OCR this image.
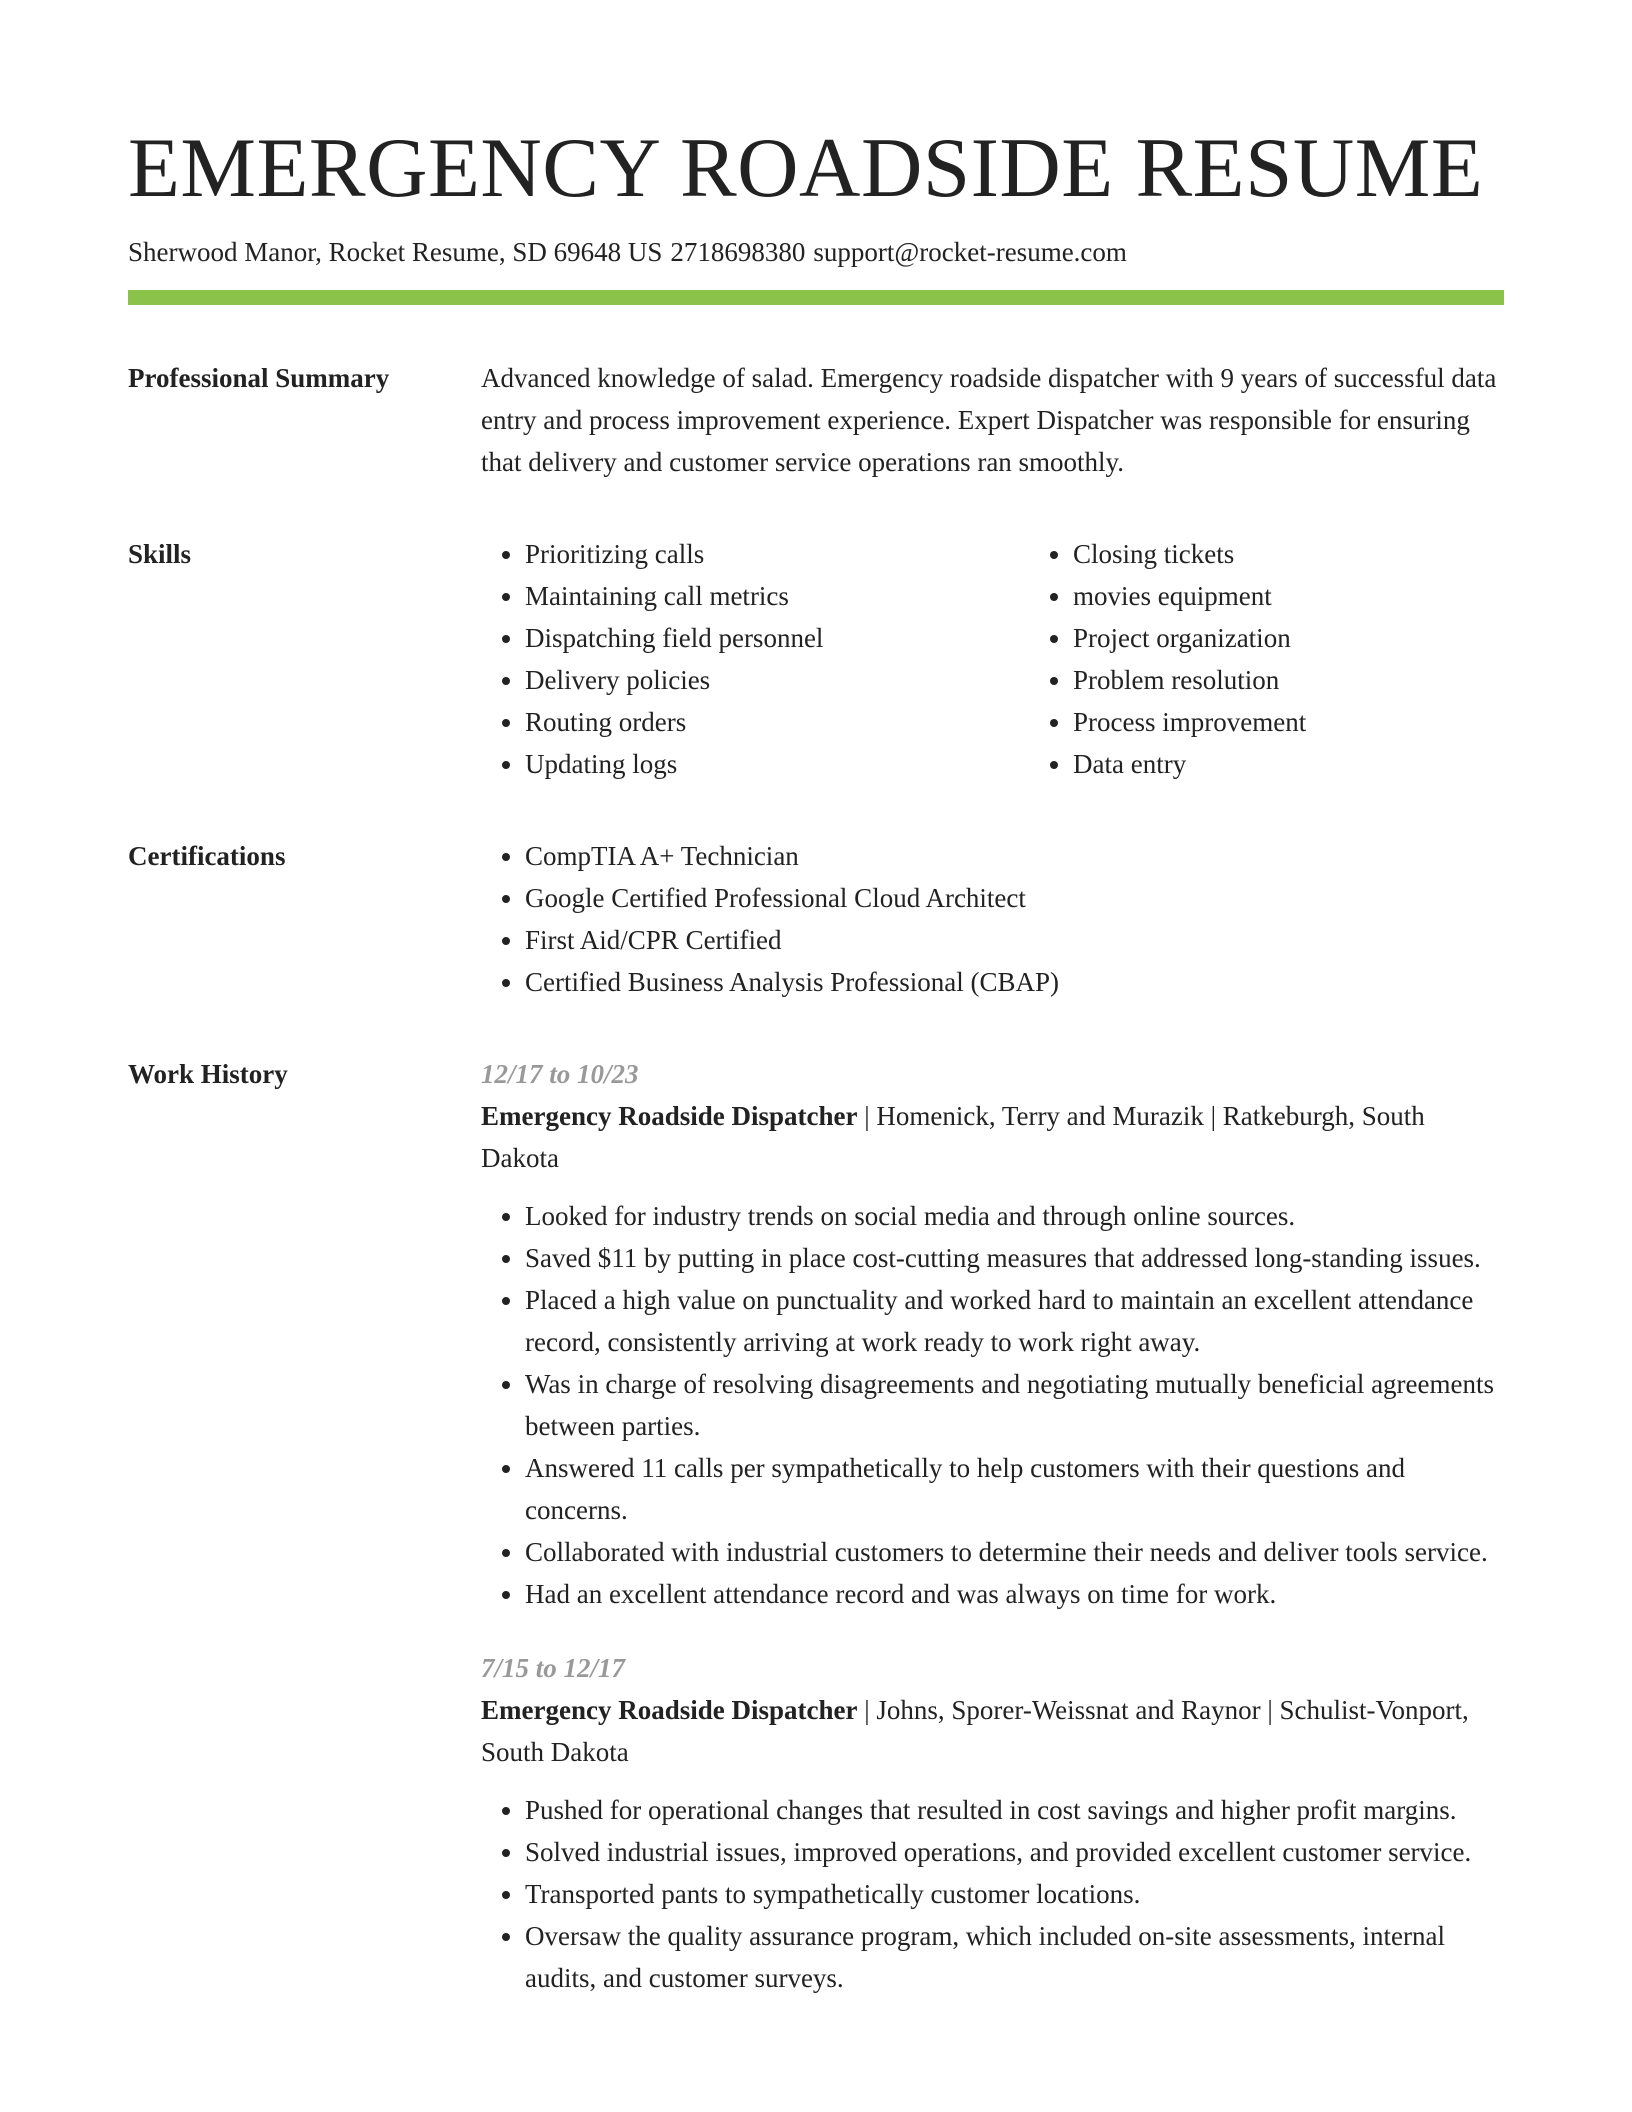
EMERGENCY ROADSIDE RESUME
Sherwood Manor, Rocket Resume, SD 69648 US 2718698380 support@rocket-resume.com
Professional Summary	Advanced knowledge of salad. Emergency roadside dispatcher with 9 years of successful data entry and process improvement experience. Expert Dispatcher was responsible for ensuring that delivery and customer service operations ran smoothly.
Skills	• Prioritizing calls
• Maintaining call metrics
• Dispatching field personnel
• Delivery policies
• Routing orders
• Updating logs
• Closing tickets
• movies equipment
• Project organization
• Problem resolution
• Process improvement
• Data entry
Certifications	• CompTIA A+ Technician
• Google Certified Professional Cloud Architect
• First Aid/CPR Certified
• Certified Business Analysis Professional (CBAP)
Work History	12/17 to 10/23
Emergency Roadside Dispatcher | Homenick, Terry and Murazik | Ratkeburgh, South Dakota
• Looked for industry trends on social media and through online sources.
• Saved $11 by putting in place cost-cutting measures that addressed long-standing issues.
• Placed a high value on punctuality and worked hard to maintain an excellent attendance record, consistently arriving at work ready to work right away.
• Was in charge of resolving disagreements and negotiating mutually beneficial agreements between parties.
• Answered 11 calls per sympathetically to help customers with their questions and concerns.
• Collaborated with industrial customers to determine their needs and deliver tools service.
• Had an excellent attendance record and was always on time for work.
7/15 to 12/17
Emergency Roadside Dispatcher | Johns, Sporer-Weissnat and Raynor | Schulist-Vonport, South Dakota
• Pushed for operational changes that resulted in cost savings and higher profit margins.
• Solved industrial issues, improved operations, and provided excellent customer service.
• Transported pants to sympathetically customer locations.
• Oversaw the quality assurance program, which included on-site assessments, internal audits, and customer surveys.
